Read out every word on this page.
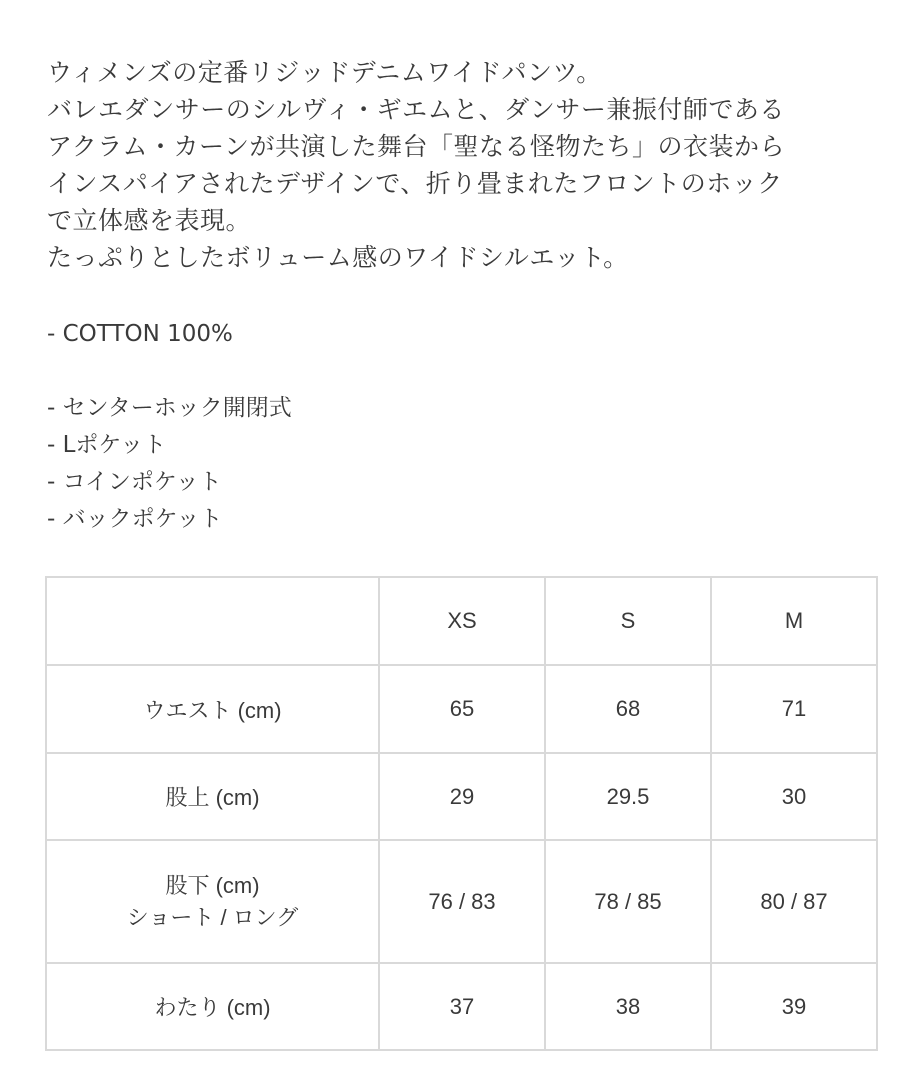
ウィメンズの定番リジッドデニムワイドパンツ。
バレエダンサーのシルヴィ・ギエムと、ダンサー兼振付師である
アクラム・カーンが共演した舞台「聖なる怪物たち」の衣装から
インスパイアされたデザインで、折り畳まれたフロントのホック
で立体感を表現。
たっぷりとしたボリューム感のワイドシルエット。
- COTTON 100%
- センターホック開閉式
- Lポケット
- コインポケット
- バックポケット
	XS	S	M
ウエスト (cm)	65	68	71
股上 (cm)	29	29.5	30

股下 (cm)
ショート / ロング	76 / 83	78 / 85	80 / 87
わたり (cm)	37	38	39
